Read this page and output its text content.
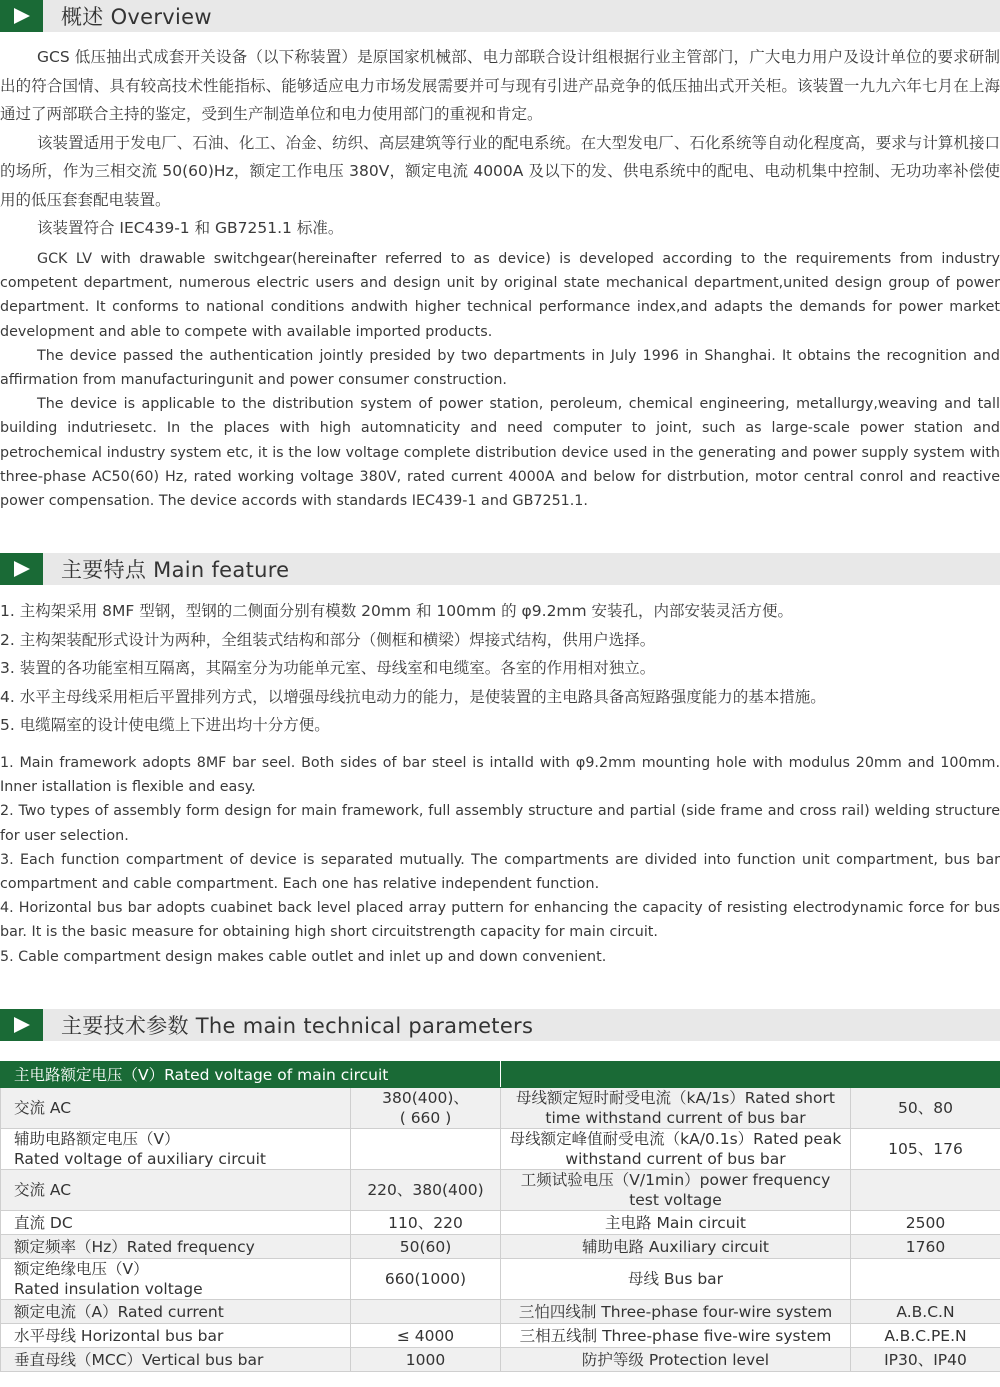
概述 Overview

GCS 低压抽出式成套开关设备（以下称装置）是原国家机械部、电力部联合设计组根据行业主管部门，广大电力用户及设计单位的要求研制出的符合国情、具有较高技术性能指标、能够适应电力市场发展需要并可与现有引进产品竞争的低压抽出式开关柜。该装置一九九六年七月在上海通过了两部联合主持的鉴定，受到生产制造单位和电力使用部门的重视和肯定。

该装置适用于发电厂、石油、化工、冶金、纺织、高层建筑等行业的配电系统。在大型发电厂、石化系统等自动化程度高，要求与计算机接口的场所，作为三相交流 50(60)Hz，额定工作电压 380V，额定电流 4000A 及以下的发、供电系统中的配电、电动机集中控制、无功功率补偿使用的低压套套配电装置。

该装置符合 IEC439-1 和 GB7251.1 标准。

GCK LV with drawable switchgear(hereinafter referred to as device) is developed according to the requirements from industry competent department, numerous electric users and design unit by original state mechanical department,united design group of power department. It conforms to national conditions andwith higher technical performance index,and adapts the demands for power market development and able to compete with available imported products.

The device passed the authentication jointly presided by two departments in July 1996 in Shanghai. It obtains the recognition and affirmation from manufacturingunit and power consumer construction.

The device is applicable to the distribution system of power station, peroleum, chemical engineering, metallurgy,weaving and tall building indutriesetc. In the places with high automnaticity and need computer to joint, such as large-scale power station and petrochemical industry system etc, it is the low voltage complete distribution device used in the generating and power supply system with three-phase AC50(60) Hz, rated working voltage 380V, rated current 4000A and below for distrbution, motor central conrol and reactive power compensation. The device accords with standards IEC439-1 and GB7251.1.

主要特点 Main feature

1. 主构架采用 8MF 型钢，型钢的二侧面分别有模数 20mm 和 100mm 的 φ9.2mm 安装孔，内部安装灵活方便。

2. 主构架装配形式设计为两种，全组装式结构和部分（侧框和横梁）焊接式结构，供用户选择。

3. 装置的各功能室相互隔离，其隔室分为功能单元室、母线室和电缆室。各室的作用相对独立。

4. 水平主母线采用柜后平置排列方式，以增强母线抗电动力的能力，是使装置的主电路具备高短路强度能力的基本措施。

5. 电缆隔室的设计使电缆上下进出均十分方便。

1. Main framework adopts 8MF bar seel. Both sides of bar steel is intalld with φ9.2mm mounting hole with modulus 20mm and 100mm. Inner istallation is flexible and easy.

2. Two types of assembly form design for main framework, full assembly structure and partial (side frame and cross rail) welding structure for user selection.

3. Each function compartment of device is separated mutually. The compartments are divided into function unit compartment, bus bar compartment and cable compartment. Each one has relative independent function.

4. Horizontal bus bar adopts cuabinet back level placed array puttern for enhancing the capacity of resisting electrodynamic force for bus bar. It is the basic measure for obtaining high short circuitstrength capacity for main circuit.

5. Cable compartment design makes cable outlet and inlet up and down convenient.

主要技术参数 The main technical parameters
主电路额定电压（V）Rated voltage of main circuit			
交流 AC	380(400)、
( 660 )	母线额定短时耐受电流（kA/1s）Rated short time withstand current of bus bar	50、80
辅助电路额定电压（V）
Rated voltage of auxiliary circuit		母线额定峰值耐受电流（kA/0.1s）Rated peak withstand current of bus bar	105、176
交流 AC	220、380(400)	工频试验电压（V/1min）power frequency test voltage	
直流 DC	110、220	主电路 Main circuit	2500
额定频率（Hz）Rated frequency	50(60)	辅助电路 Auxiliary circuit	1760
额定绝缘电压（V）
Rated insulation voltage	660(1000)	母线 Bus bar	
额定电流（A）Rated current		三怕四线制 Three-phase four-wire system	A.B.C.N
水平母线 Horizontal bus bar	≤ 4000	三相五线制 Three-phase five-wire system	A.B.C.PE.N
垂直母线（MCC）Vertical bus bar	1000	防护等级 Protection level	IP30、IP40
